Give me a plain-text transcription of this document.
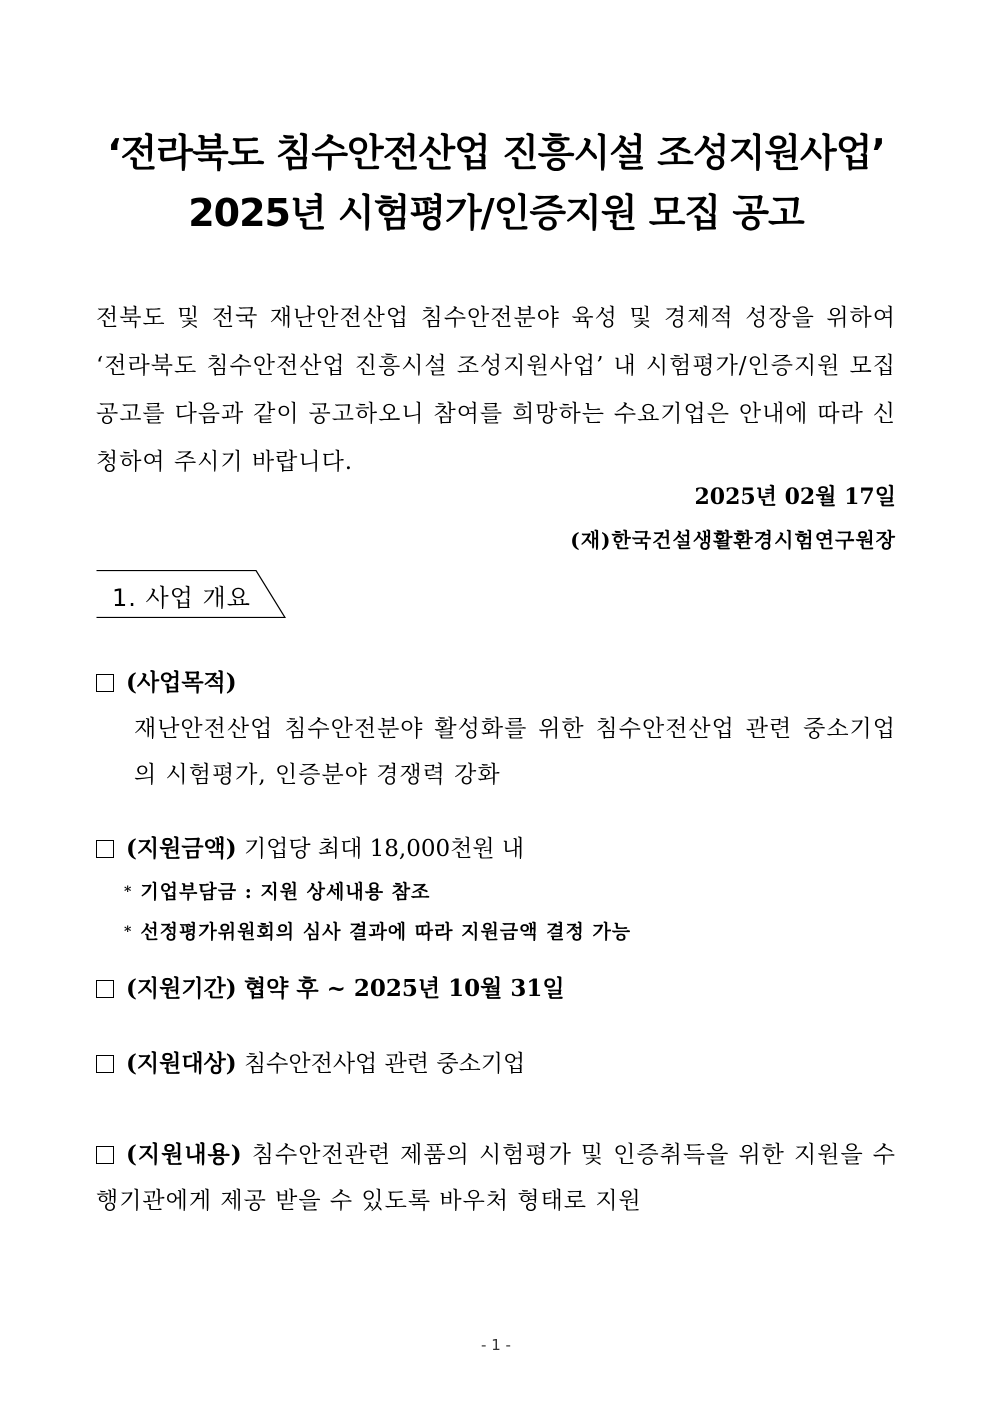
‘전라북도 침수안전산업 진흥시설 조성지원사업’
2025년 시험평가/인증지원 모집 공고
전북도 및 전국 재난안전산업 침수안전분야 육성 및 경제적 성장을 위하여 ‘전라북도 침수안전산업 진흥시설 조성지원사업’ 내 시험평가/인증지원 모집 공고를 다음과 같이 공고하오니 참여를 희망하는 수요기업은 안내에 따라 신청하여 주시기 바랍니다.
2025년 02월 17일
(재)한국건설생활환경시험연구원장
1. 사업 개요
(사업목적)
재난안전산업 침수안전분야 활성화를 위한 침수안전산업 관련 중소기업의 시험평가, 인증분야 경쟁력 강화
(지원금액) 기업당 최대 18,000천원 내
* 기업부담금 : 지원 상세내용 참조
* 선정평가위원회의 심사 결과에 따라 지원금액 결정 가능
(지원기간) 협약 후 ~ 2025년 10월 31일
(지원대상) 침수안전사업 관련 중소기업
(지원내용) 침수안전관련 제품의 시험평가 및 인증취득을 위한 지원을 수행기관에게 제공 받을 수 있도록 바우처 형태로 지원
- 1 -
